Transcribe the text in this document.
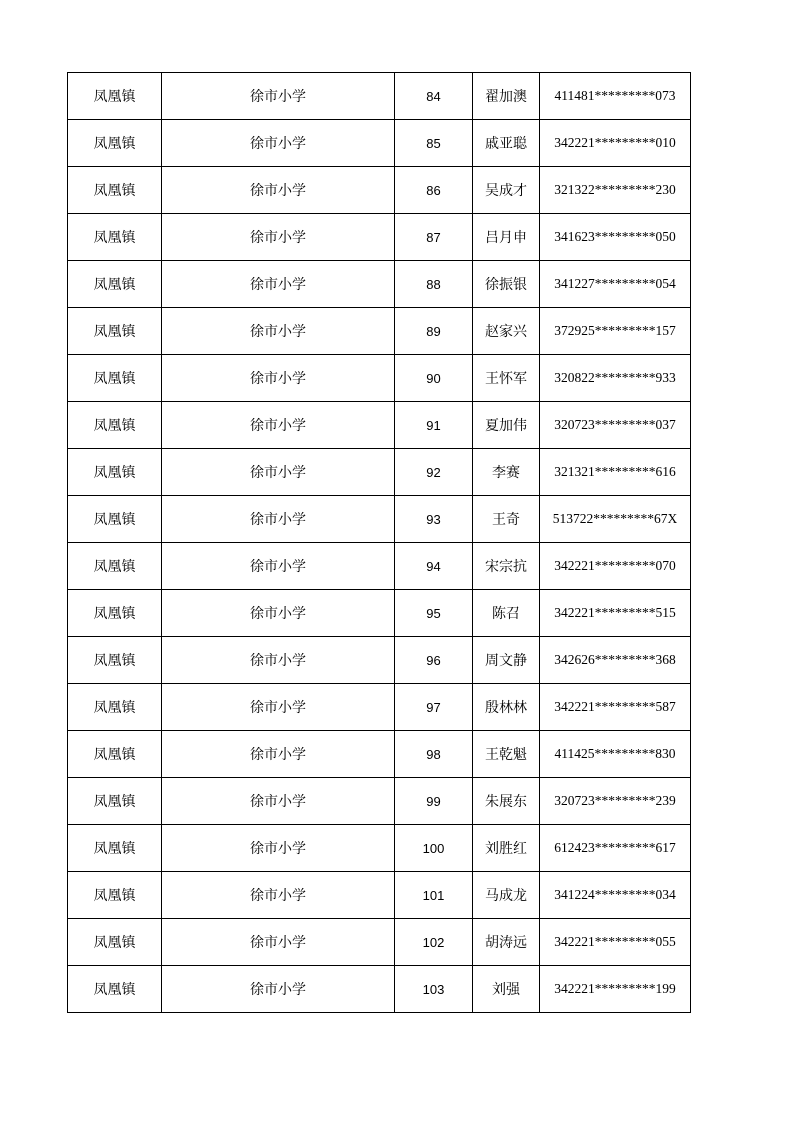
凤凰镇	徐市小学	84	翟加澳	411481*********073
凤凰镇	徐市小学	85	戚亚聪	342221*********010
凤凰镇	徐市小学	86	吴成才	321322*********230
凤凰镇	徐市小学	87	吕月申	341623*********050
凤凰镇	徐市小学	88	徐振银	341227*********054
凤凰镇	徐市小学	89	赵家兴	372925*********157
凤凰镇	徐市小学	90	王怀军	320822*********933
凤凰镇	徐市小学	91	夏加伟	320723*********037
凤凰镇	徐市小学	92	李赛	321321*********616
凤凰镇	徐市小学	93	王奇	513722*********67X
凤凰镇	徐市小学	94	宋宗抗	342221*********070
凤凰镇	徐市小学	95	陈召	342221*********515
凤凰镇	徐市小学	96	周文静	342626*********368
凤凰镇	徐市小学	97	殷林林	342221*********587
凤凰镇	徐市小学	98	王乾魁	411425*********830
凤凰镇	徐市小学	99	朱展东	320723*********239
凤凰镇	徐市小学	100	刘胜红	612423*********617
凤凰镇	徐市小学	101	马成龙	341224*********034
凤凰镇	徐市小学	102	胡涛远	342221*********055
凤凰镇	徐市小学	103	刘强	342221*********199
